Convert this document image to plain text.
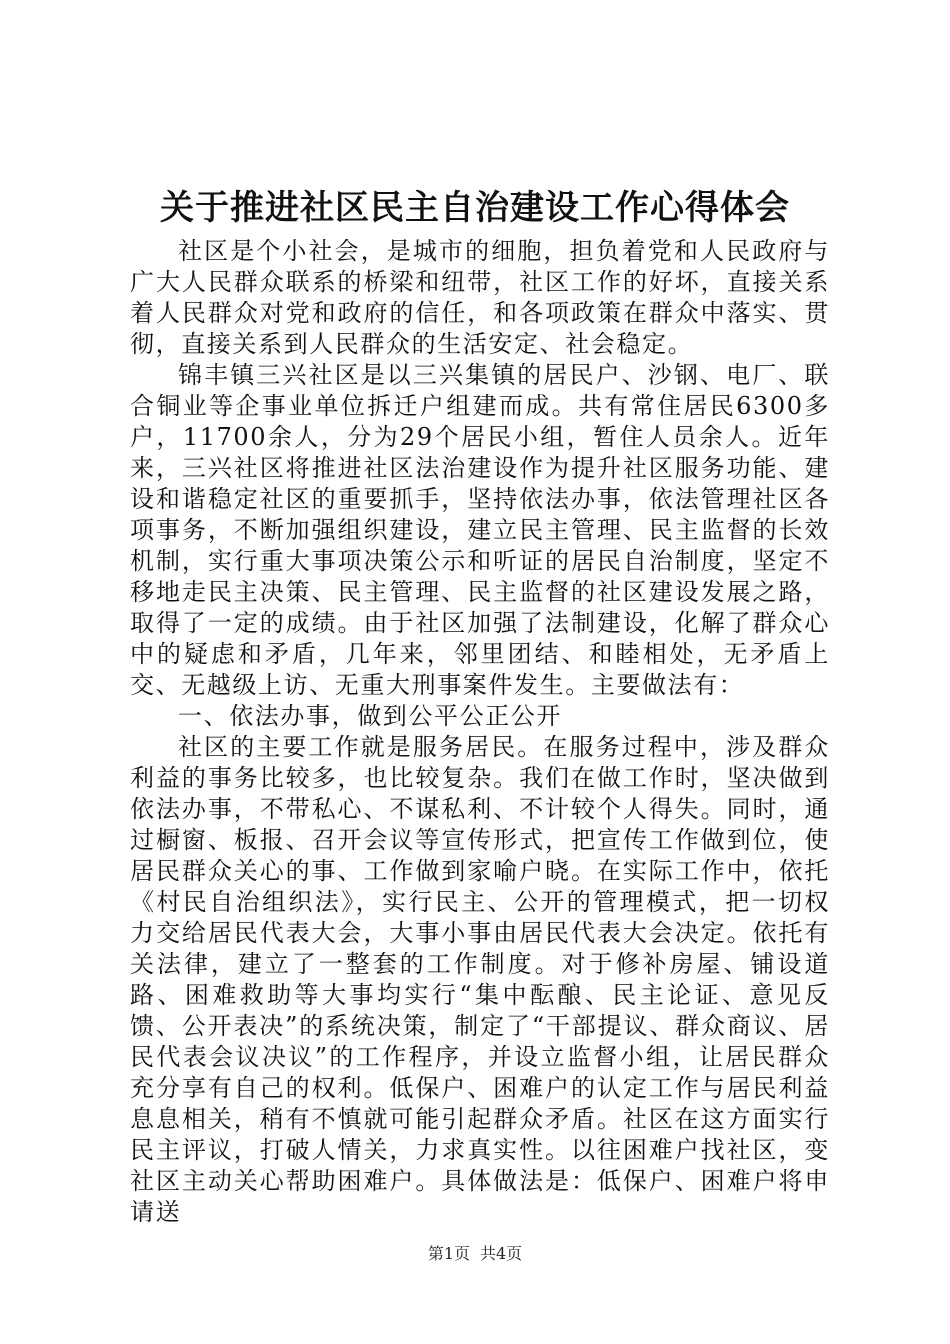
关于推进社区民主自治建设工作心得体会

社区是个小社会，是城市的细胞，担负着党和人民政府与广大人民群众联系的桥梁和纽带，社区工作的好坏，直接关系着人民群众对党和政府的信任，和各项政策在群众中落实、贯彻，直接关系到人民群众的生活安定、社会稳定。

锦丰镇三兴社区是以三兴集镇的居民户、沙钢、电厂、联合铜业等企事业单位拆迁户组建而成。共有常住居民6300多户，11700余人，分为29个居民小组，暂住人员余人。近年来，三兴社区将推进社区法治建设作为提升社区服务功能、建设和谐稳定社区的重要抓手，坚持依法办事，依法管理社区各项事务，不断加强组织建设，建立民主管理、民主监督的长效机制，实行重大事项决策公示和听证的居民自治制度，坚定不移地走民主决策、民主管理、民主监督的社区建设发展之路，取得了一定的成绩。由于社区加强了法制建设，化解了群众心中的疑虑和矛盾，几年来，邻里团结、和睦相处，无矛盾上交、无越级上访、无重大刑事案件发生。主要做法有：

一、依法办事，做到公平公正公开

社区的主要工作就是服务居民。在服务过程中，涉及群众利益的事务比较多，也比较复杂。我们在做工作时，坚决做到依法办事，不带私心、不谋私利、不计较个人得失。同时，通过橱窗、板报、召开会议等宣传形式，把宣传工作做到位，使居民群众关心的事、工作做到家喻户晓。在实际工作中，依托《村民自治组织法》，实行民主、公开的管理模式，把一切权力交给居民代表大会，大事小事由居民代表大会决定。依托有关法律，建立了一整套的工作制度。对于修补房屋、铺设道路、困难救助等大事均实行“集中酝酿、民主论证、意见反馈、公开表决”的系统决策，制定了“干部提议、群众商议、居民代表会议决议”的工作程序，并设立监督小组，让居民群众充分享有自己的权利。低保户、困难户的认定工作与居民利益息息相关，稍有不慎就可能引起群众矛盾。社区在这方面实行民主评议，打破人情关，力求真实性。以往困难户找社区，变社区主动关心帮助困难户。具体做法是：低保户、困难户将申请送

第1页 共4页
